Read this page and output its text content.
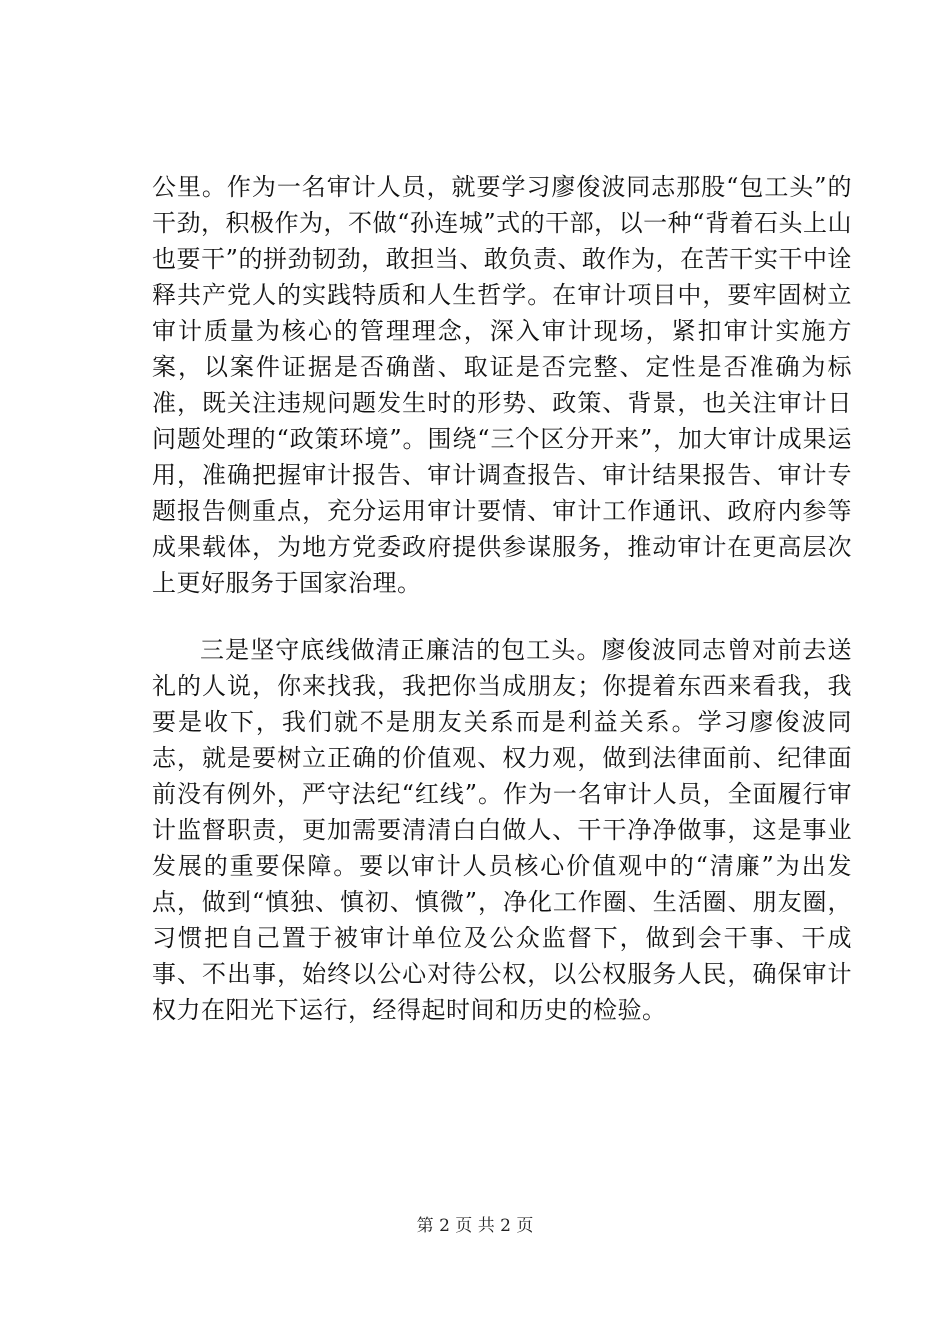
公里。作为一名审计人员，就要学习廖俊波同志那股“包工头”的干劲，积极作为，不做“孙连城”式的干部，以一种“背着石头上山也要干”的拼劲韧劲，敢担当、敢负责、敢作为，在苦干实干中诠释共产党人的实践特质和人生哲学。在审计项目中，要牢固树立审计质量为核心的管理理念，深入审计现场，紧扣审计实施方案，以案件证据是否确凿、取证是否完整、定性是否准确为标准，既关注违规问题发生时的形势、政策、背景，也关注审计日问题处理的“政策环境”。围绕“三个区分开来”，加大审计成果运用，准确把握审计报告、审计调查报告、审计结果报告、审计专题报告侧重点，充分运用审计要情、审计工作通讯、政府内参等成果载体，为地方党委政府提供参谋服务，推动审计在更高层次上更好服务于国家治理。

三是坚守底线做清正廉洁的包工头。廖俊波同志曾对前去送礼的人说，你来找我，我把你当成朋友；你提着东西来看我，我要是收下，我们就不是朋友关系而是利益关系。学习廖俊波同志，就是要树立正确的价值观、权力观，做到法律面前、纪律面前没有例外，严守法纪“红线”。作为一名审计人员，全面履行审计监督职责，更加需要清清白白做人、干干净净做事，这是事业发展的重要保障。要以审计人员核心价值观中的“清廉”为出发点，做到“慎独、慎初、慎微”，净化工作圈、生活圈、朋友圈，习惯把自己置于被审计单位及公众监督下，做到会干事、干成事、不出事，始终以公心对待公权，以公权服务人民，确保审计权力在阳光下运行，经得起时间和历史的检验。

第 2 页 共 2 页
